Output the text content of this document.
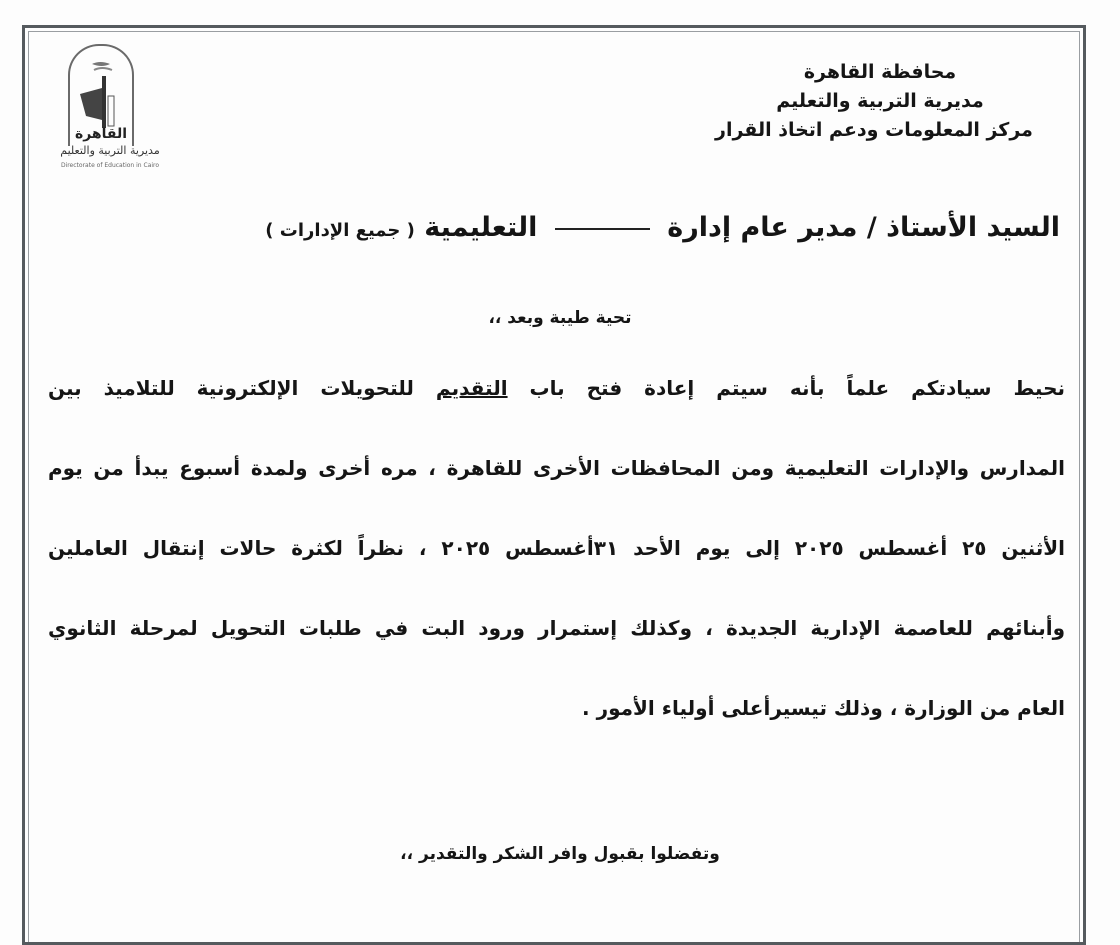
القاهرة
مديرية التربية والتعليم
Directorate of Education in Cairo
محافظة القاهرة
مديرية التربية والتعليم
مركز المعلومات ودعم اتخاذ القرار
السيد الأستاذ / مدير عام إدارة  التعليمية ( جميع الإدارات )
تحية طيبة وبعد ،،
نحيط سيادتكم علماً بأنه سيتم إعادة فتح باب التقديم للتحويلات الإلكترونية للتلاميذ بين
المدارس والإدارات التعليمية ومن المحافظات الأخرى للقاهرة ، مره أخرى ولمدة أسبوع يبدأ من يوم
الأثنين ٢٥ أغسطس ٢٠٢٥ إلى يوم الأحد ٣١أغسطس ٢٠٢٥ ، نظراً لكثرة حالات إنتقال العاملين
وأبنائهم للعاصمة الإدارية الجديدة ، وكذلك إستمرار ورود البت في طلبات التحويل لمرحلة الثانوي
العام من الوزارة ، وذلك تيسيرأعلى أولياء الأمور .
وتفضلوا بقبول وافر الشكر والتقدير ،،
